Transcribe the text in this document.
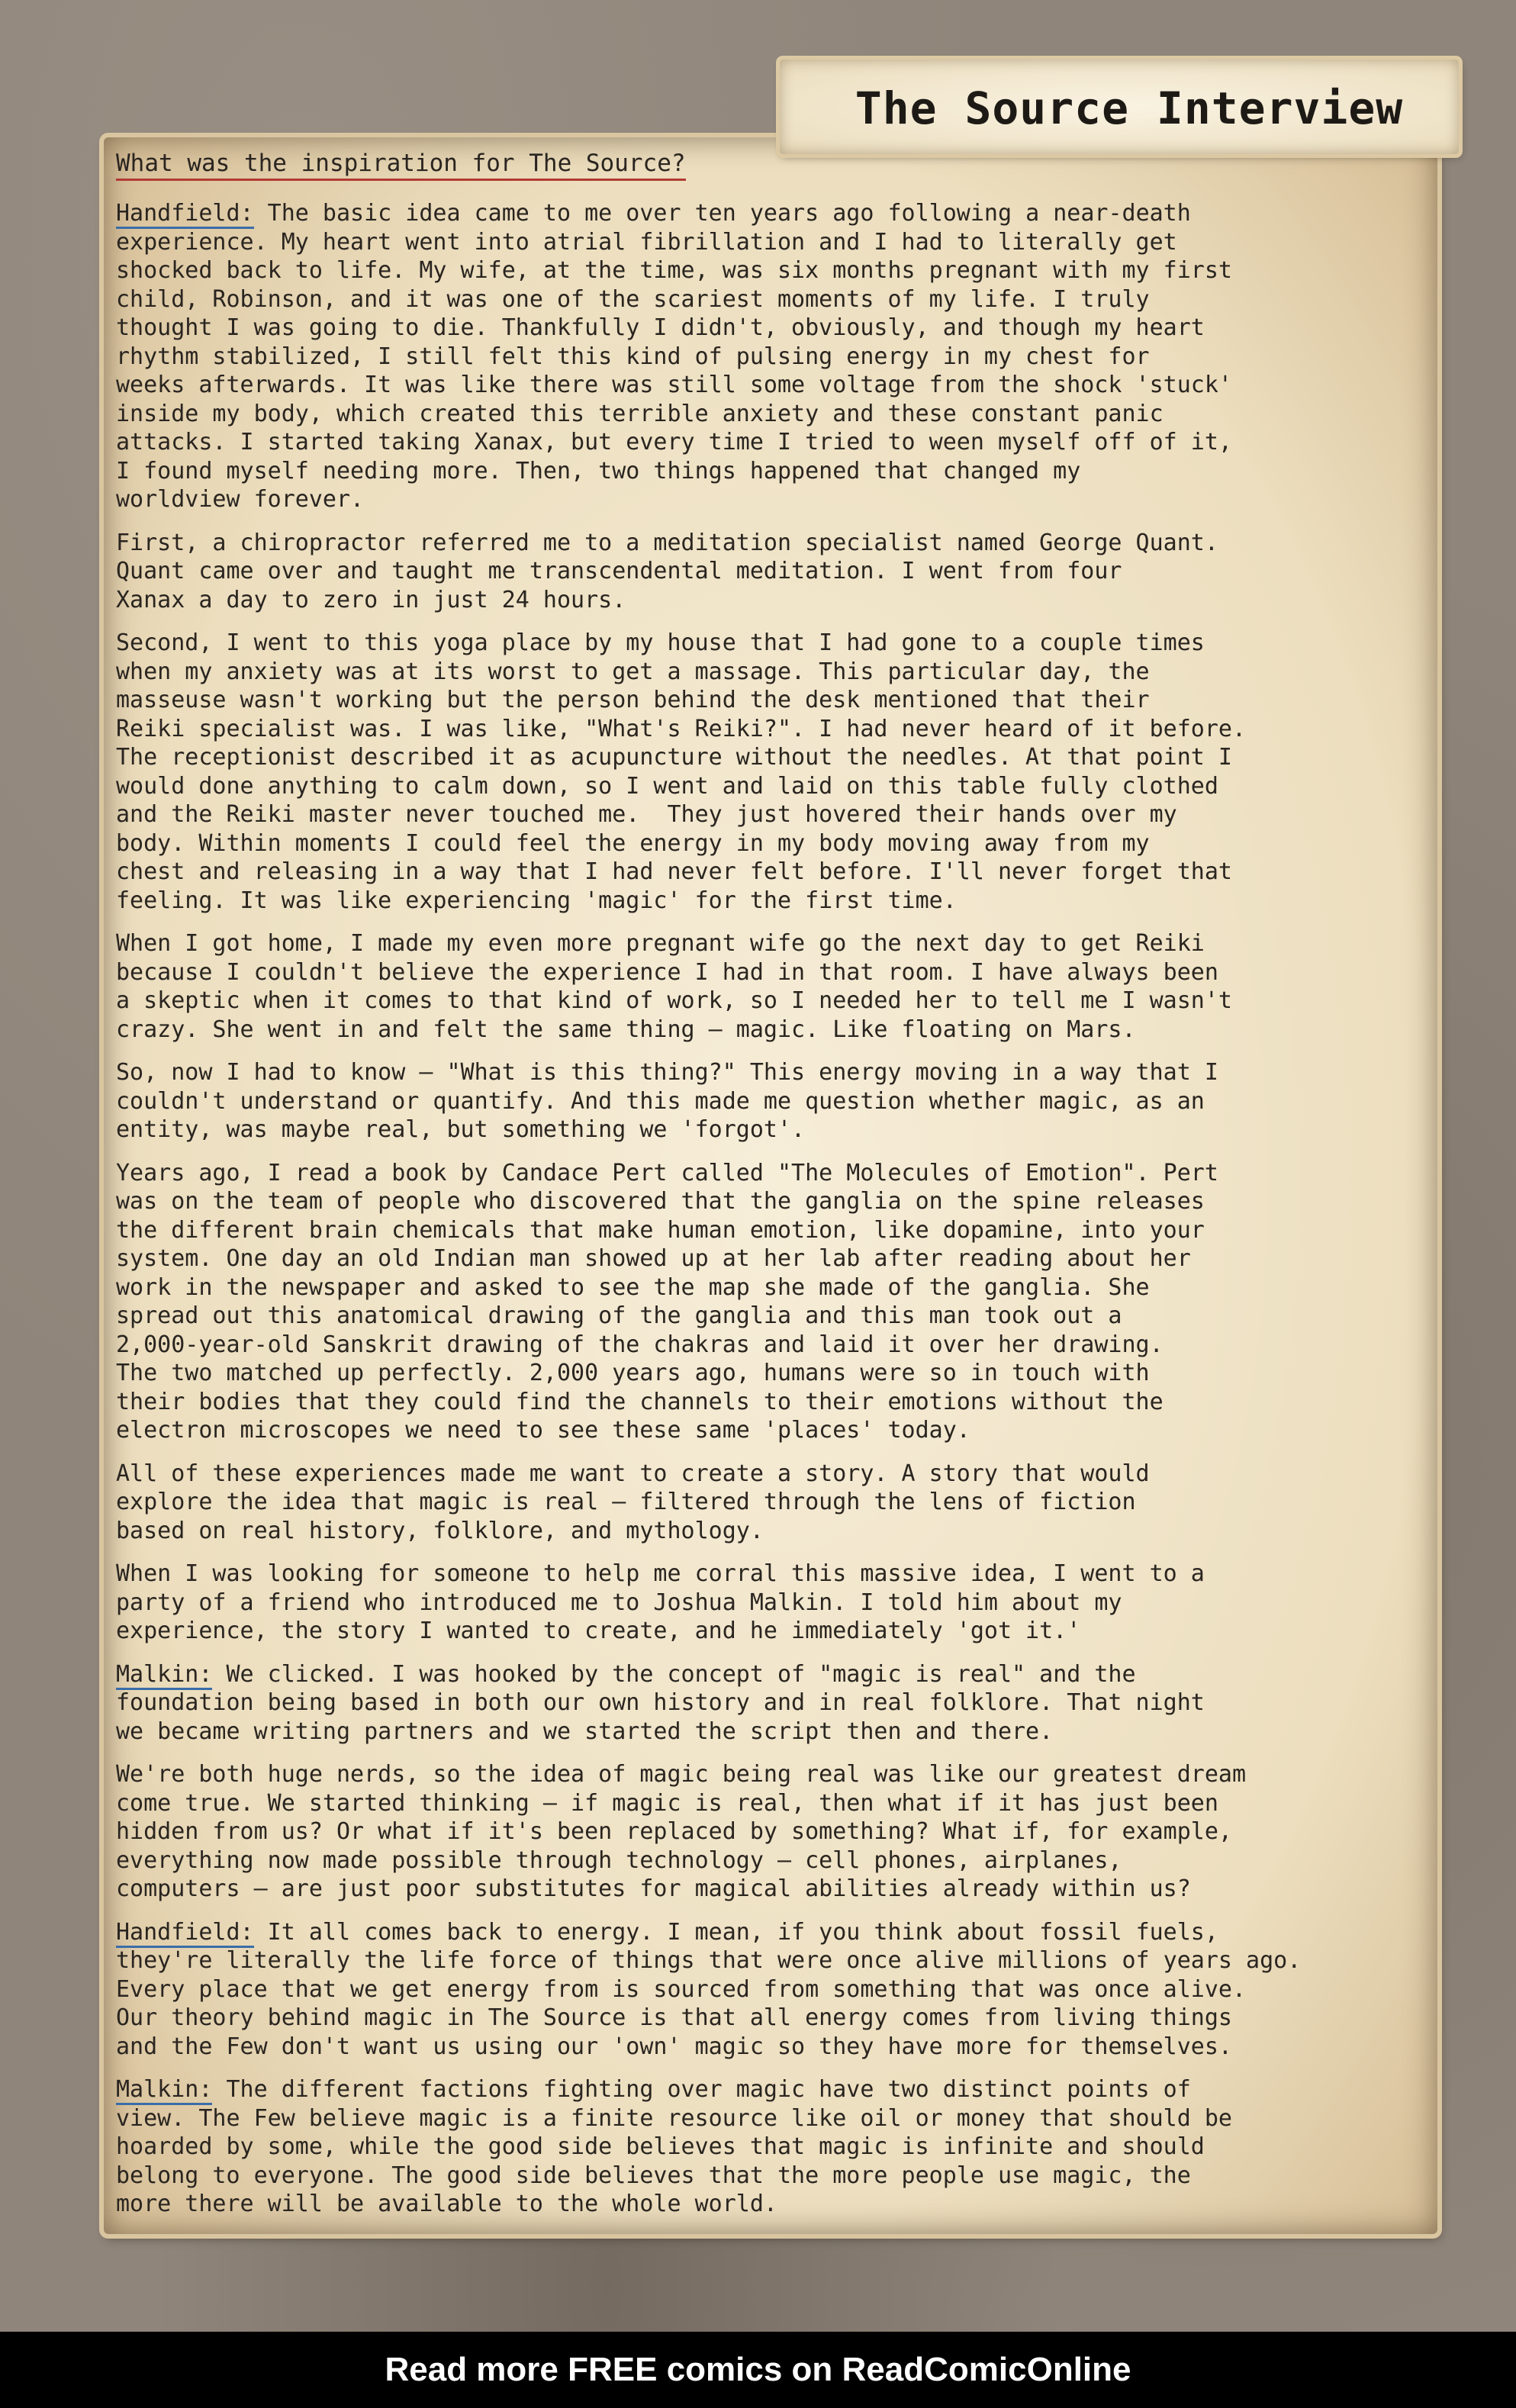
The Source Interview
What was the inspiration for The Source?

Handfield: The basic idea came to me over ten years ago following a near-death
experience. My heart went into atrial fibrillation and I had to literally get
shocked back to life. My wife, at the time, was six months pregnant with my first
child, Robinson, and it was one of the scariest moments of my life. I truly
thought I was going to die. Thankfully I didn't, obviously, and though my heart
rhythm stabilized, I still felt this kind of pulsing energy in my chest for
weeks afterwards. It was like there was still some voltage from the shock 'stuck'
inside my body, which created this terrible anxiety and these constant panic
attacks. I started taking Xanax, but every time I tried to ween myself off of it,
I found myself needing more. Then, two things happened that changed my
worldview forever.

First, a chiropractor referred me to a meditation specialist named George Quant.
Quant came over and taught me transcendental meditation. I went from four
Xanax a day to zero in just 24 hours.

Second, I went to this yoga place by my house that I had gone to a couple times
when my anxiety was at its worst to get a massage. This particular day, the
masseuse wasn't working but the person behind the desk mentioned that their
Reiki specialist was. I was like, "What's Reiki?". I had never heard of it before.
The receptionist described it as acupuncture without the needles. At that point I
would done anything to calm down, so I went and laid on this table fully clothed
and the Reiki master never touched me.  They just hovered their hands over my
body. Within moments I could feel the energy in my body moving away from my
chest and releasing in a way that I had never felt before. I'll never forget that
feeling. It was like experiencing 'magic' for the first time.

When I got home, I made my even more pregnant wife go the next day to get Reiki
because I couldn't believe the experience I had in that room. I have always been
a skeptic when it comes to that kind of work, so I needed her to tell me I wasn't
crazy. She went in and felt the same thing — magic. Like floating on Mars.

So, now I had to know — "What is this thing?" This energy moving in a way that I
couldn't understand or quantify. And this made me question whether magic, as an
entity, was maybe real, but something we 'forgot'.

Years ago, I read a book by Candace Pert called "The Molecules of Emotion". Pert
was on the team of people who discovered that the ganglia on the spine releases
the different brain chemicals that make human emotion, like dopamine, into your
system. One day an old Indian man showed up at her lab after reading about her
work in the newspaper and asked to see the map she made of the ganglia. She
spread out this anatomical drawing of the ganglia and this man took out a
2,000-year-old Sanskrit drawing of the chakras and laid it over her drawing.
The two matched up perfectly. 2,000 years ago, humans were so in touch with
their bodies that they could find the channels to their emotions without the
electron microscopes we need to see these same 'places' today.

All of these experiences made me want to create a story. A story that would
explore the idea that magic is real — filtered through the lens of fiction
based on real history, folklore, and mythology.

When I was looking for someone to help me corral this massive idea, I went to a
party of a friend who introduced me to Joshua Malkin. I told him about my
experience, the story I wanted to create, and he immediately 'got it.'

Malkin: We clicked. I was hooked by the concept of "magic is real" and the
foundation being based in both our own history and in real folklore. That night
we became writing partners and we started the script then and there.

We're both huge nerds, so the idea of magic being real was like our greatest dream
come true. We started thinking — if magic is real, then what if it has just been
hidden from us? Or what if it's been replaced by something? What if, for example,
everything now made possible through technology — cell phones, airplanes,
computers — are just poor substitutes for magical abilities already within us?

Handfield: It all comes back to energy. I mean, if you think about fossil fuels,
they're literally the life force of things that were once alive millions of years ago.
Every place that we get energy from is sourced from something that was once alive.
Our theory behind magic in The Source is that all energy comes from living things
and the Few don't want us using our 'own' magic so they have more for themselves.

Malkin: The different factions fighting over magic have two distinct points of
view. The Few believe magic is a finite resource like oil or money that should be
hoarded by some, while the good side believes that magic is infinite and should
belong to everyone. The good side believes that the more people use magic, the
more there will be available to the whole world.

Read more FREE comics on ReadComicOnline
